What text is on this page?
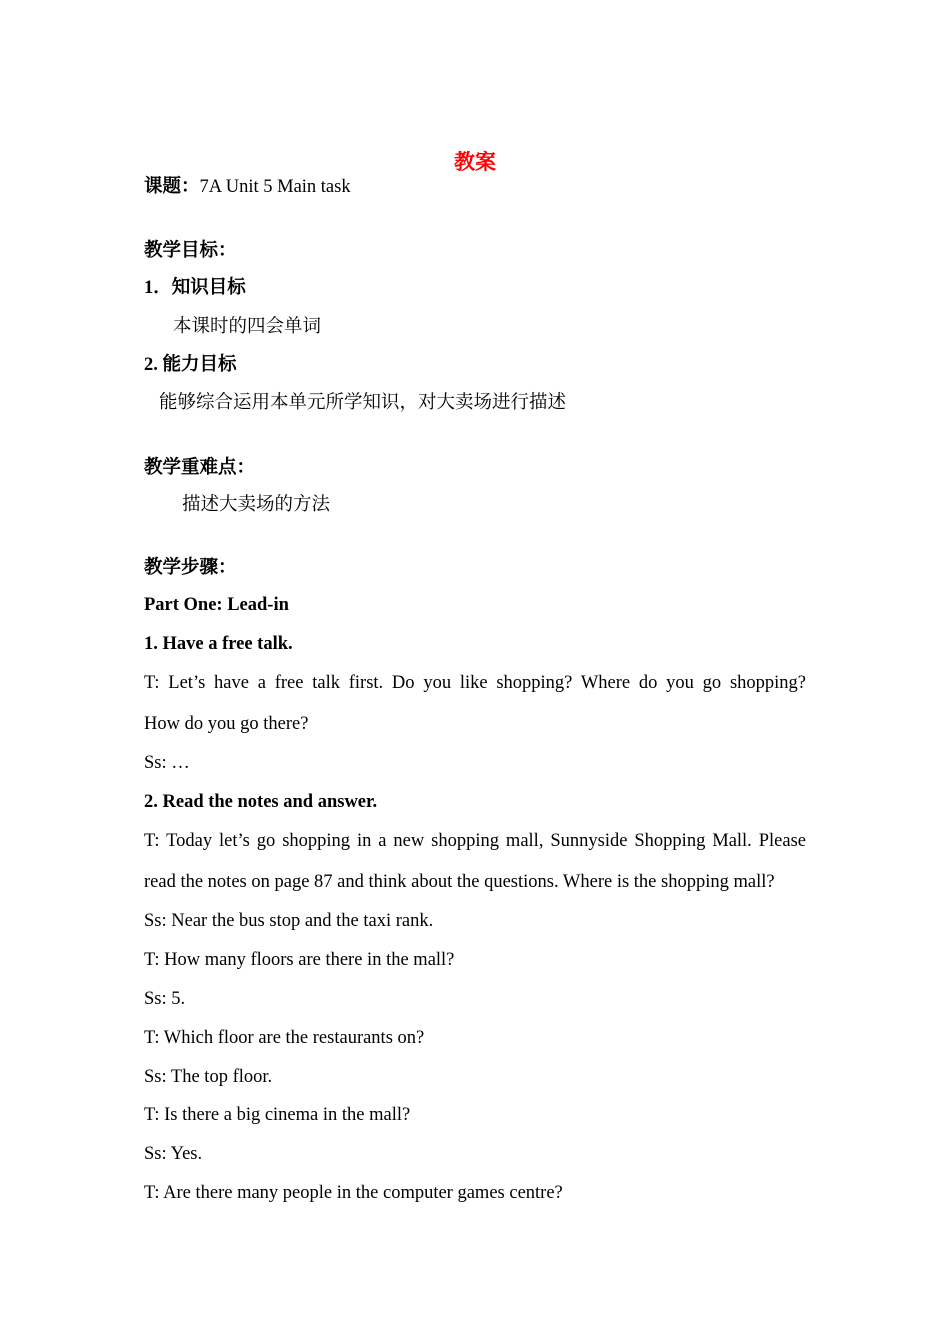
教案
课题：7A Unit 5 Main task
教学目标：
1．知识目标
本课时的四会单词
2. 能力目标
能够综合运用本单元所学知识，对大卖场进行描述
教学重难点：
描述大卖场的方法
教学步骤：
Part One: Lead-in
1. Have a free talk.
T: Let’s have a free talk first. Do you like shopping? Where do you go shopping?
How do you go there?
Ss: …
2. Read the notes and answer.
T: Today let’s go shopping in a new shopping mall, Sunnyside Shopping Mall. Please
read the notes on page 87 and think about the questions. Where is the shopping mall?
Ss: Near the bus stop and the taxi rank.
T: How many floors are there in the mall?
Ss: 5.
T: Which floor are the restaurants on?
Ss: The top floor.
T: Is there a big cinema in the mall?
Ss: Yes.
T: Are there many people in the computer games centre?
